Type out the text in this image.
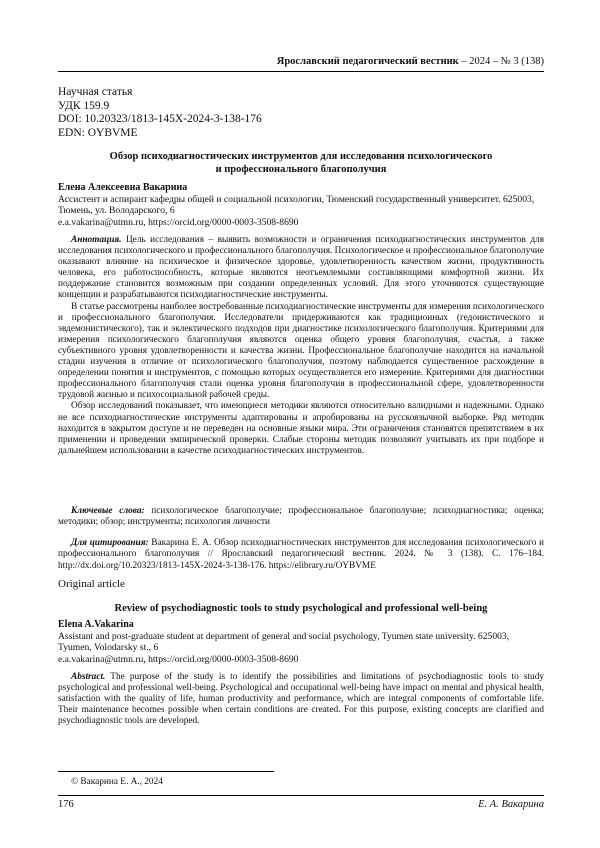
Ярославский педагогический вестник – 2024 – № 3 (138)
Научная статья
УДК 159.9
DOI: 10.20323/1813-145X-2024-3-138-176
EDN: OYBVME
Обзор психодиагностических инструментов для исследования психологического
и профессионального благополучия
Елена Алексеевна Вакарина
Ассистент и аспирант кафедры общей и социальной психологии, Тюменский государственный университет. 625003, Тюмень, ул. Володарского, 6
e.a.vakarina@utmn.ru, https://orcid.org/0000-0003-3508-8690

Аннотация. Цель исследования – выявить возможности и ограничения психодиагностических инструментов для исследования психологического и профессионального благополучия. Психологическое и профессиональное благополучие оказывают влияние на психическое и физическое здоровье, удовлетворенность качеством жизни, продуктивность человека, его работоспособность, которые являются неотъемлемыми составляющими комфортной жизни. Их поддержание становится возможным при создании определенных условий. Для этого уточняются существующие концепции и разрабатываются психодиагностические инструменты.

В статье рассмотрены наиболее востребованные психодиагностические инструменты для измерения психологического и профессионального благополучия. Исследователи придерживаются как традиционных (гедонистического и эвдемонистического), так и эклектического подходов при диагностике психологического благополучия. Критериями для измерения психологического благополучия являются оценка общего уровня благополучия, счастья, а также субъективного уровня удовлетворенности и качества жизни. Профессиональное благополучие находится на начальной стадии изучения в отличие от психологического благополучия, поэтому наблюдается существенное расхождение в определении понятия и инструментов, с помощью которых осуществляется его измерение. Критериями для диагностики профессионального благополучия стали оценка уровня благополучия в профессиональной сфере, удовлетворенности трудовой жизнью и психосоциальной рабочей среды.

Обзор исследований показывает, что имеющиеся методики являются относительно валидными и надежными. Однако не все психодиагностические инструменты адаптированы и апробированы на русскоязычной выборке. Ряд методик находится в закрытом доступе и не переведен на основные языки мира. Эти ограничения становятся препятствием в их применении и проведении эмпирической проверки. Слабые стороны методик позволяют учитывать их при подборе и дальнейшем использовании в качестве психодиагностических инструментов.

Ключевые слова: психологическое благополучие; профессиональное благополучие; психодиагностика; оценка; методики; обзор; инструменты; психология личности
Для цитирования: Вакарина Е. А. Обзор психодиагностических инструментов для исследования психологического и профессионального благополучия // Ярославский педагогический вестник. 2024. № 3 (138). С. 176–184. http://dx.doi.org/10.20323/1813-145X-2024-3-138-176. https://elibrary.ru/OYBVME
Original article
Review of psychodiagnostic tools to study psychological and professional well-being
Elena A.Vakarina
Assistant and post-graduate student at department of general and social psychology, Tyumen state university. 625003, Tyumen, Volodarsky st., 6
e.a.vakarina@utmn.ru, https://orcid.org/0000-0003-3508-8690
Abstract. The purpose of the study is to identify the possibilities and limitations of psychodiagnostic tools to study psychological and professional well-being. Psychological and occupational well-being have impact on mental and physical health, satisfaction with the quality of life, human productivity and performance, which are integral components of comfortable life. Their maintenance becomes possible when certain conditions are created. For this purpose, existing concepts are clarified and psychodiagnostic tools are developed.
© Вакарина Е. А., 2024
176	Е. А. Вакарина
